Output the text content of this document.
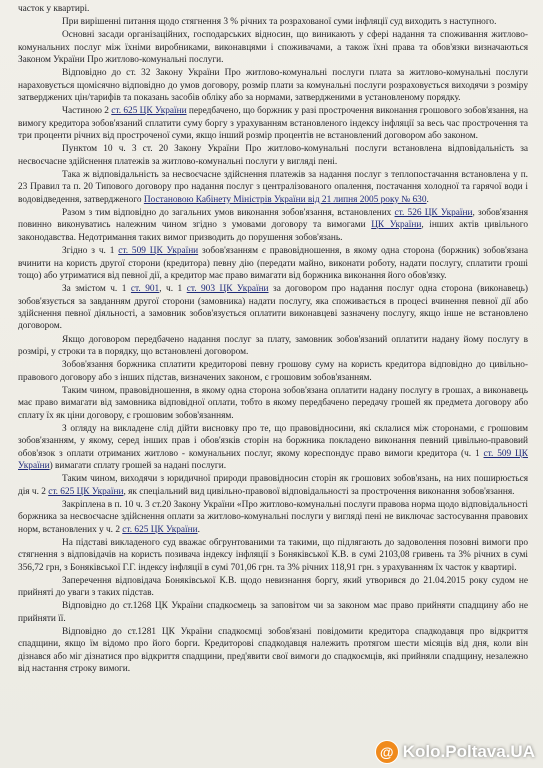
часток у квартирі.

При вирішенні питання щодо стягнення 3 % річних та розрахованої суми інфляції суд виходить з наступного.

Основні засади організаційних, господарських відносин, що виникають у сфері надання та споживання житлово-комунальних послуг між їхніми виробниками, виконавцями і споживачами, а також їхні права та обов'язки визначаються Законом України Про житлово-комунальні послуги.

Відповідно до ст. 32 Закону України Про житлово-комунальні послуги плата за житлово-комунальні послуги нараховується щомісячно відповідно до умов договору, розмір плати за комунальні послуги розраховується виходячи з розміру затверджених цін/тарифів та показань засобів обліку або за нормами, затвердженими в установленому порядку.

Частиною 2 ст. 625 ЦК України передбачено, що боржник у разі прострочення виконання грошового зобов'язання, на вимогу кредитора зобов'язаний сплатити суму боргу з урахуванням встановленого індексу інфляції за весь час прострочення та три проценти річних від простроченої суми, якщо інший розмір процентів не встановлений договором або законом.

Пунктом 10 ч. 3 ст. 20 Закону України Про житлово-комунальні послуги встановлена відповідальність за несвоєчасне здійснення платежів за житлово-комунальні послуги у вигляді пені.

Така ж відповідальність за несвоєчасне здійснення платежів за надання послуг з теплопостачання встановлена у п. 23 Правил та п. 20 Типового договору про надання послуг з централізованого опалення, постачання холодної та гарячої води і водовідведення, затвердженого Постановою Кабінету Міністрів України від 21 липня 2005 року № 630.

Разом з тим відповідно до загальних умов виконання зобов'язання, встановлених ст. 526 ЦК України, зобов'язання повинно виконуватись належним чином згідно з умовами договору та вимогами ЦК України, інших актів цивільного законодавства. Недотримання таких вимог призводить до порушення зобов'язань.

Згідно з ч. 1 ст. 509 ЦК України зобов'язанням є правовідношення, в якому одна сторона (боржник) зобов'язана вчинити на користь другої сторони (кредитора) певну дію (передати майно, виконати роботу, надати послугу, сплатити гроші тощо) або утриматися від певної дії, а кредитор має право вимагати від боржника виконання його обов'язку.

За змістом ч. 1 ст. 901, ч. 1 ст. 903 ЦК України за договором про надання послуг одна сторона (виконавець) зобов'язується за завданням другої сторони (замовника) надати послугу, яка споживається в процесі вчинення певної дії або здійснення певної діяльності, а замовник зобов'язується оплатити виконавцеві зазначену послугу, якщо інше не встановлено договором.

Якщо договором передбачено надання послуг за плату, замовник зобов'язаний оплатити надану йому послугу в розмірі, у строки та в порядку, що встановлені договором.

Зобов'язання боржника сплатити кредиторові певну грошову суму на користь кредитора відповідно до цивільно-правового договору або з інших підстав, визначених законом, є грошовим зобов'язанням.

Таким чином, правовідношення, в якому одна сторона зобов'язана оплатити надану послугу в грошах, а виконавець має право вимагати від замовника відповідної оплати, тобто в якому передбачено передачу грошей як предмета договору або сплату їх як ціни договору, є грошовим зобов'язанням.

З огляду на викладене слід дійти висновку про те, що правовідносини, які склалися між сторонами, є грошовим зобов'язанням, у якому, серед інших прав і обов'язків сторін на боржника покладено виконання певний цивільно-правовий обов'язок з оплати отриманих житлово - комунальних послуг, якому кореспондує право вимоги кредитора (ч. 1 ст. 509 ЦК України) вимагати сплату грошей за надані послуги.

Таким чином, виходячи з юридичної природи правовідносин сторін як грошових зобов'язань, на них поширюється дія ч. 2 ст. 625 ЦК України, як спеціальний вид цивільно-правової відповідальності за прострочення виконання зобов'язання.

Закріплена в п. 10 ч. 3 ст.20 Закону України «Про житлово-комунальні послуги правова норма щодо відповідальності боржника за несвоєчасне здійснення оплати за житлово-комунальні послуги у вигляді пені не виключає застосування правових норм, встановлених у ч. 2 ст. 625 ЦК України.

На підставі викладеного суд вважає обгрунтованими та такими, що підлягають до задоволення позовні вимоги про стягнення з відповідачів на користь позивача індексу інфляції з Боняківської К.В. в сумі 2103,08 гривень та 3% річних в сумі 356,72 грн, з Боняківської Г.Г. індексу інфляції в сумі 701,06 грн. та 3% річних 118,91 грн. з урахуванням їх часток у квартирі.

Заперечення відповідача Боняківської К.В. щодо невизнання боргу, який утворився до 21.04.2015 року судом не прийняті до уваги з таких підстав.

Відповідно до ст.1268 ЦК України спадкоємець за заповітом чи за законом має право прийняти спадщину або не прийняти її.

Відповідно до ст.1281 ЦК України спадкоємці зобов'язані повідомити кредитора спадкодавця про відкриття спадщини, якщо їм відомо про його борги. Кредиторові спадкодавця належить протягом шести місяців від дня, коли він дізнався або міг дізнатися про відкриття спадщини, пред'явити свої вимоги до спадкоємців, які прийняли спадщину, незалежно від настання строку вимоги.

@ Kolo.Poltava.UA
